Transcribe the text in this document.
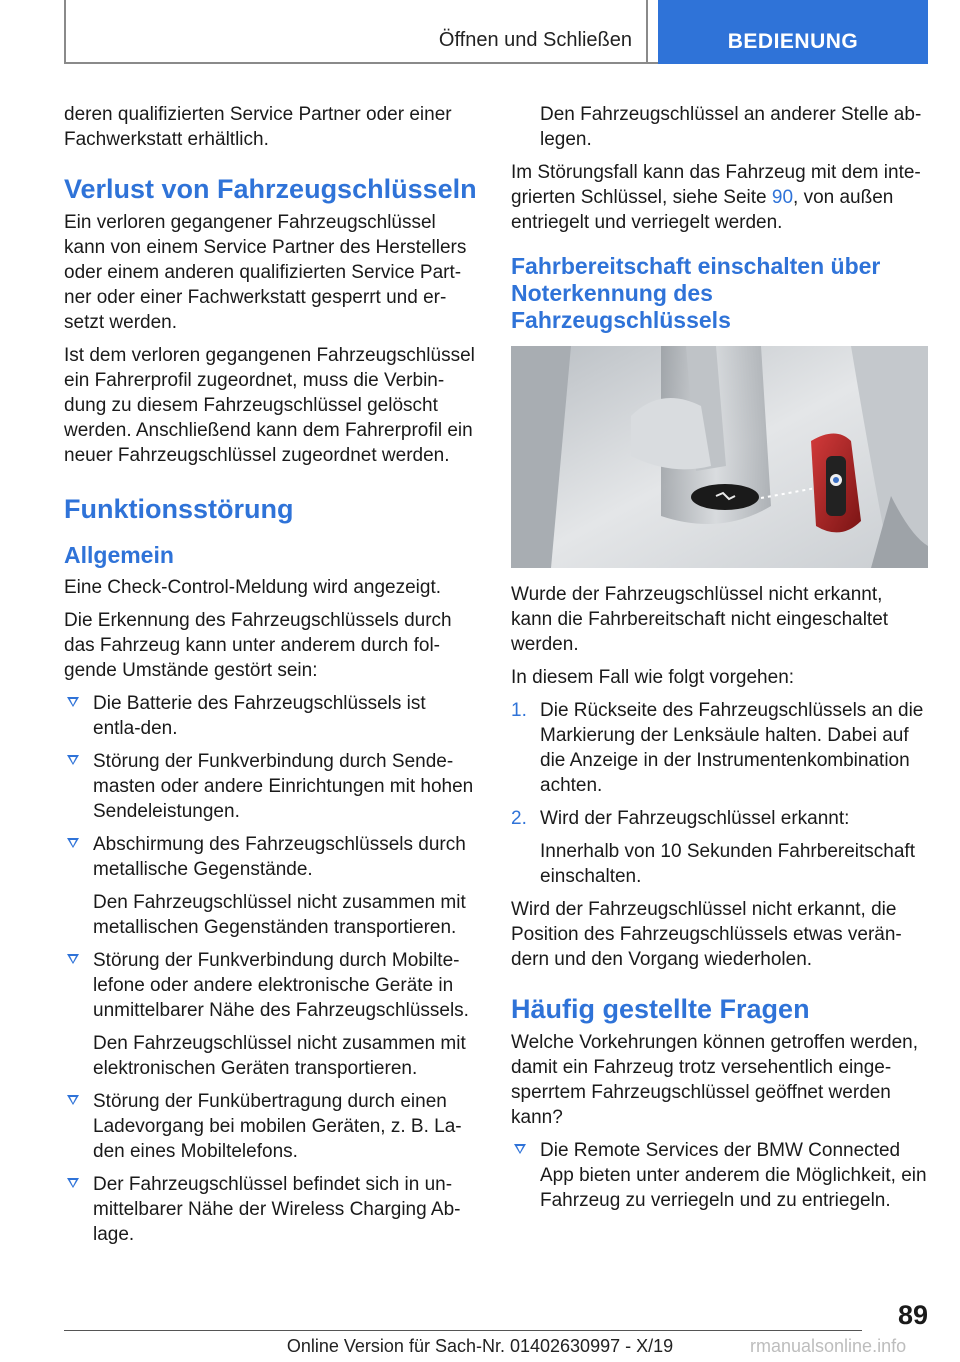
Öffnen und Schließen	BEDIENUNG

deren qualifizierten Service Partner oder einer Fachwerkstatt erhältlich.

Verlust von Fahrzeugschlüsseln

Ein verloren gegangener Fahrzeugschlüssel kann von einem Service Partner des Herstellers oder einem anderen qualifizierten Service Part-ner oder einer Fachwerkstatt gesperrt und er-setzt werden.

Ist dem verloren gegangenen Fahrzeugschlüssel ein Fahrerprofil zugeordnet, muss die Verbin-dung zu diesem Fahrzeugschlüssel gelöscht werden. Anschließend kann dem Fahrerprofil ein neuer Fahrzeugschlüssel zugeordnet werden.

Funktionsstörung
Allgemein

Eine Check-Control-Meldung wird angezeigt.

Die Erkennung des Fahrzeugschlüssels durch das Fahrzeug kann unter anderem durch fol-gende Umstände gestört sein:

Die Batterie des Fahrzeugschlüssels ist entla-den.
Störung der Funkverbindung durch Sende-masten oder andere Einrichtungen mit hohen Sendeleistungen.
Abschirmung des Fahrzeugschlüssels durch metallische Gegenstände.
Den Fahrzeugschlüssel nicht zusammen mit metallischen Gegenständen transportieren.
Störung der Funkverbindung durch Mobilte-lefone oder andere elektronische Geräte in unmittelbarer Nähe des Fahrzeugschlüssels.
Den Fahrzeugschlüssel nicht zusammen mit elektronischen Geräten transportieren.
Störung der Funkübertragung durch einen Ladevorgang bei mobilen Geräten, z. B. La-den eines Mobiltelefons.
Der Fahrzeugschlüssel befindet sich in un-mittelbarer Nähe der Wireless Charging Ab-lage.

Den Fahrzeugschlüssel an anderer Stelle ab-legen.

Im Störungsfall kann das Fahrzeug mit dem inte-grierten Schlüssel, siehe Seite 90, von außen entriegelt und verriegelt werden.

Fahrbereitschaft einschalten über Noterkennung des Fahrzeugschlüssels

Wurde der Fahrzeugschlüssel nicht erkannt, kann die Fahrbereitschaft nicht eingeschaltet werden.

In diesem Fall wie folgt vorgehen:

1. Die Rückseite des Fahrzeugschlüssels an die Markierung der Lenksäule halten. Dabei auf die Anzeige in der Instrumentenkombination achten.
2. Wird der Fahrzeugschlüssel erkannt:
Innerhalb von 10 Sekunden Fahrbereitschaft einschalten.

Wird der Fahrzeugschlüssel nicht erkannt, die Position des Fahrzeugschlüssels etwas verän-dern und den Vorgang wiederholen.

Häufig gestellte Fragen

Welche Vorkehrungen können getroffen werden, damit ein Fahrzeug trotz versehentlich einge-sperrtem Fahrzeugschlüssel geöffnet werden kann?

Die Remote Services der BMW Connected App bieten unter anderem die Möglichkeit, ein Fahrzeug zu verriegeln und zu entriegeln.
89
Online Version für Sach-Nr. 01402630997 - X/19	rmanualsonline.info
